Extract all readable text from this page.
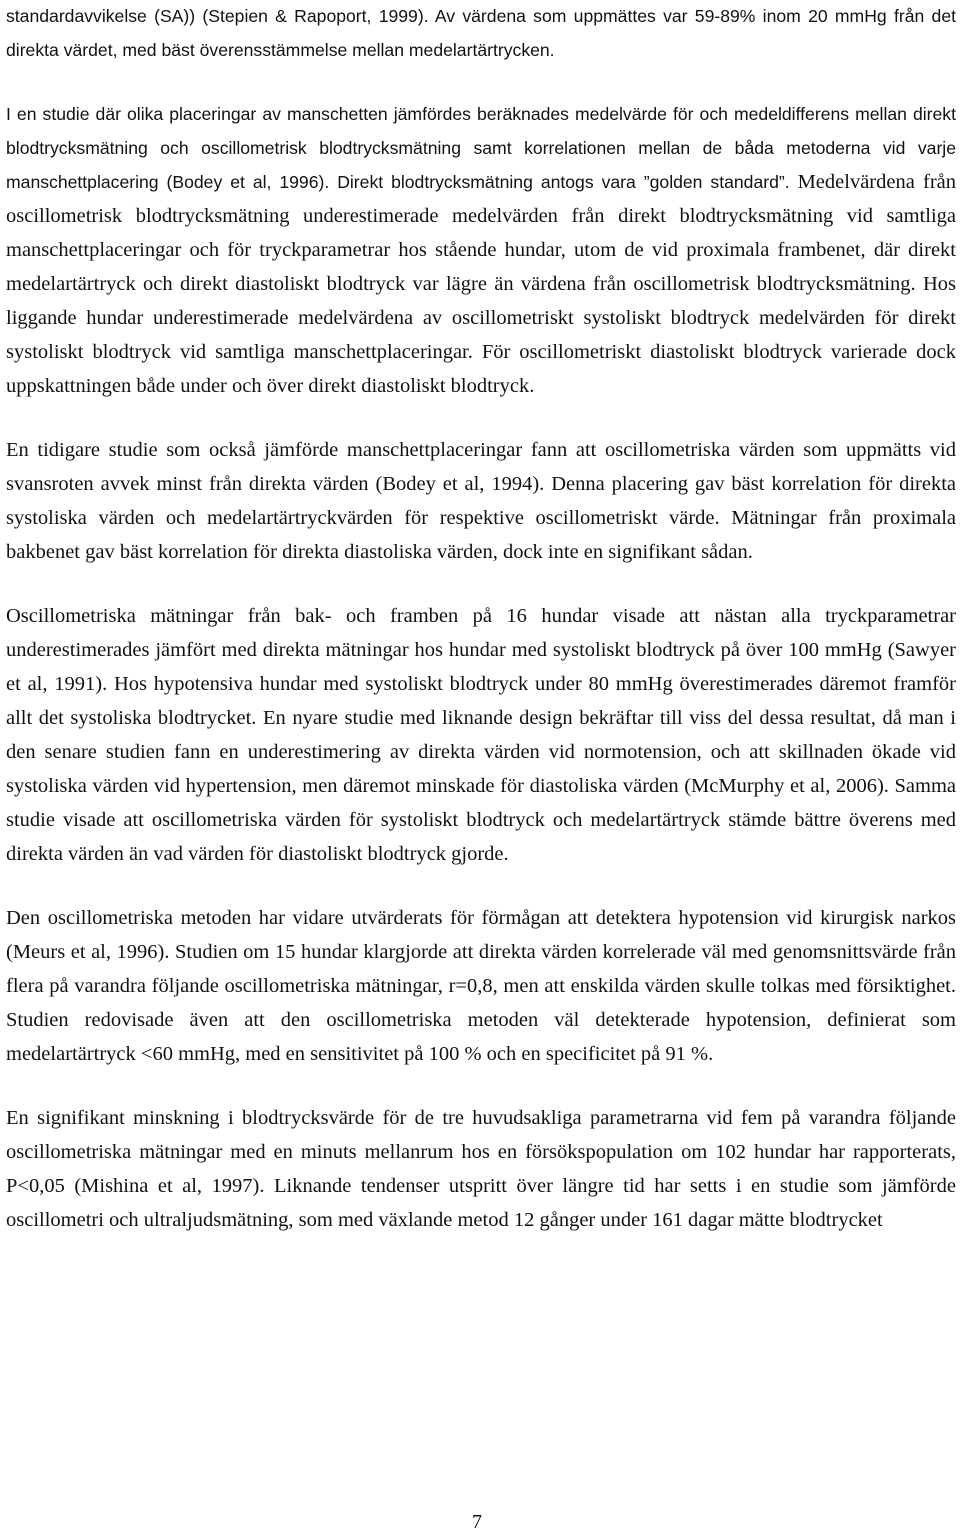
standardavvikelse (SA)) (Stepien & Rapoport, 1999). Av värdena som uppmättes var 59-89% inom 20 mmHg från det direkta värdet, med bäst överensstämmelse mellan medelartärtrycken.

I en studie där olika placeringar av manschetten jämfördes beräknades medelvärde för och medeldifferens mellan direkt blodtrycksmätning och oscillometrisk blodtrycksmätning samt korrelationen mellan de båda metoderna vid varje manschettplacering (Bodey et al, 1996). Direkt blodtrycksmätning antogs vara ”golden standard”. Medelvärdena från oscillometrisk blodtrycksmätning underestimerade medelvärden från direkt blodtrycksmätning vid samtliga manschettplaceringar och för tryckparametrar hos stående hundar, utom de vid proximala frambenet, där direkt medelartärtryck och direkt diastoliskt blodtryck var lägre än värdena från oscillometrisk blodtrycksmätning. Hos liggande hundar underestimerade medelvärdena av oscillometriskt systoliskt blodtryck medelvärden för direkt systoliskt blodtryck vid samtliga manschettplaceringar. För oscillometriskt diastoliskt blodtryck varierade dock uppskattningen både under och över direkt diastoliskt blodtryck.

En tidigare studie som också jämförde manschettplaceringar fann att oscillometriska värden som uppmätts vid svansroten avvek minst från direkta värden (Bodey et al, 1994). Denna placering gav bäst korrelation för direkta systoliska värden och medelartärtryckvärden för respektive oscillometriskt värde. Mätningar från proximala bakbenet gav bäst korrelation för direkta diastoliska värden, dock inte en signifikant sådan.

Oscillometriska mätningar från bak- och framben på 16 hundar visade att nästan alla tryckparametrar underestimerades jämfört med direkta mätningar hos hundar med systoliskt blodtryck på över 100 mmHg (Sawyer et al, 1991). Hos hypotensiva hundar med systoliskt blodtryck under 80 mmHg överestimerades däremot framför allt det systoliska blodtrycket. En nyare studie med liknande design bekräftar till viss del dessa resultat, då man i den senare studien fann en underestimering av direkta värden vid normotension, och att skillnaden ökade vid systoliska värden vid hypertension, men däremot minskade för diastoliska värden (McMurphy et al, 2006). Samma studie visade att oscillometriska värden för systoliskt blodtryck och medelartärtryck stämde bättre överens med direkta värden än vad värden för diastoliskt blodtryck gjorde.

Den oscillometriska metoden har vidare utvärderats för förmågan att detektera hypotension vid kirurgisk narkos (Meurs et al, 1996). Studien om 15 hundar klargjorde att direkta värden korrelerade väl med genomsnittsvärde från flera på varandra följande oscillometriska mätningar, r=0,8, men att enskilda värden skulle tolkas med försiktighet. Studien redovisade även att den oscillometriska metoden väl detekterade hypotension, definierat som medelartärtryck <60 mmHg, med en sensitivitet på 100 % och en specificitet på 91 %.

En signifikant minskning i blodtrycksvärde för de tre huvudsakliga parametrarna vid fem på varandra följande oscillometriska mätningar med en minuts mellanrum hos en försökspopulation om 102 hundar har rapporterats, P<0,05 (Mishina et al, 1997). Liknande tendenser utspritt över längre tid har setts i en studie som jämförde oscillometri och ultraljudsmätning, som med växlande metod 12 gånger under 161 dagar mätte blodtrycket

7
